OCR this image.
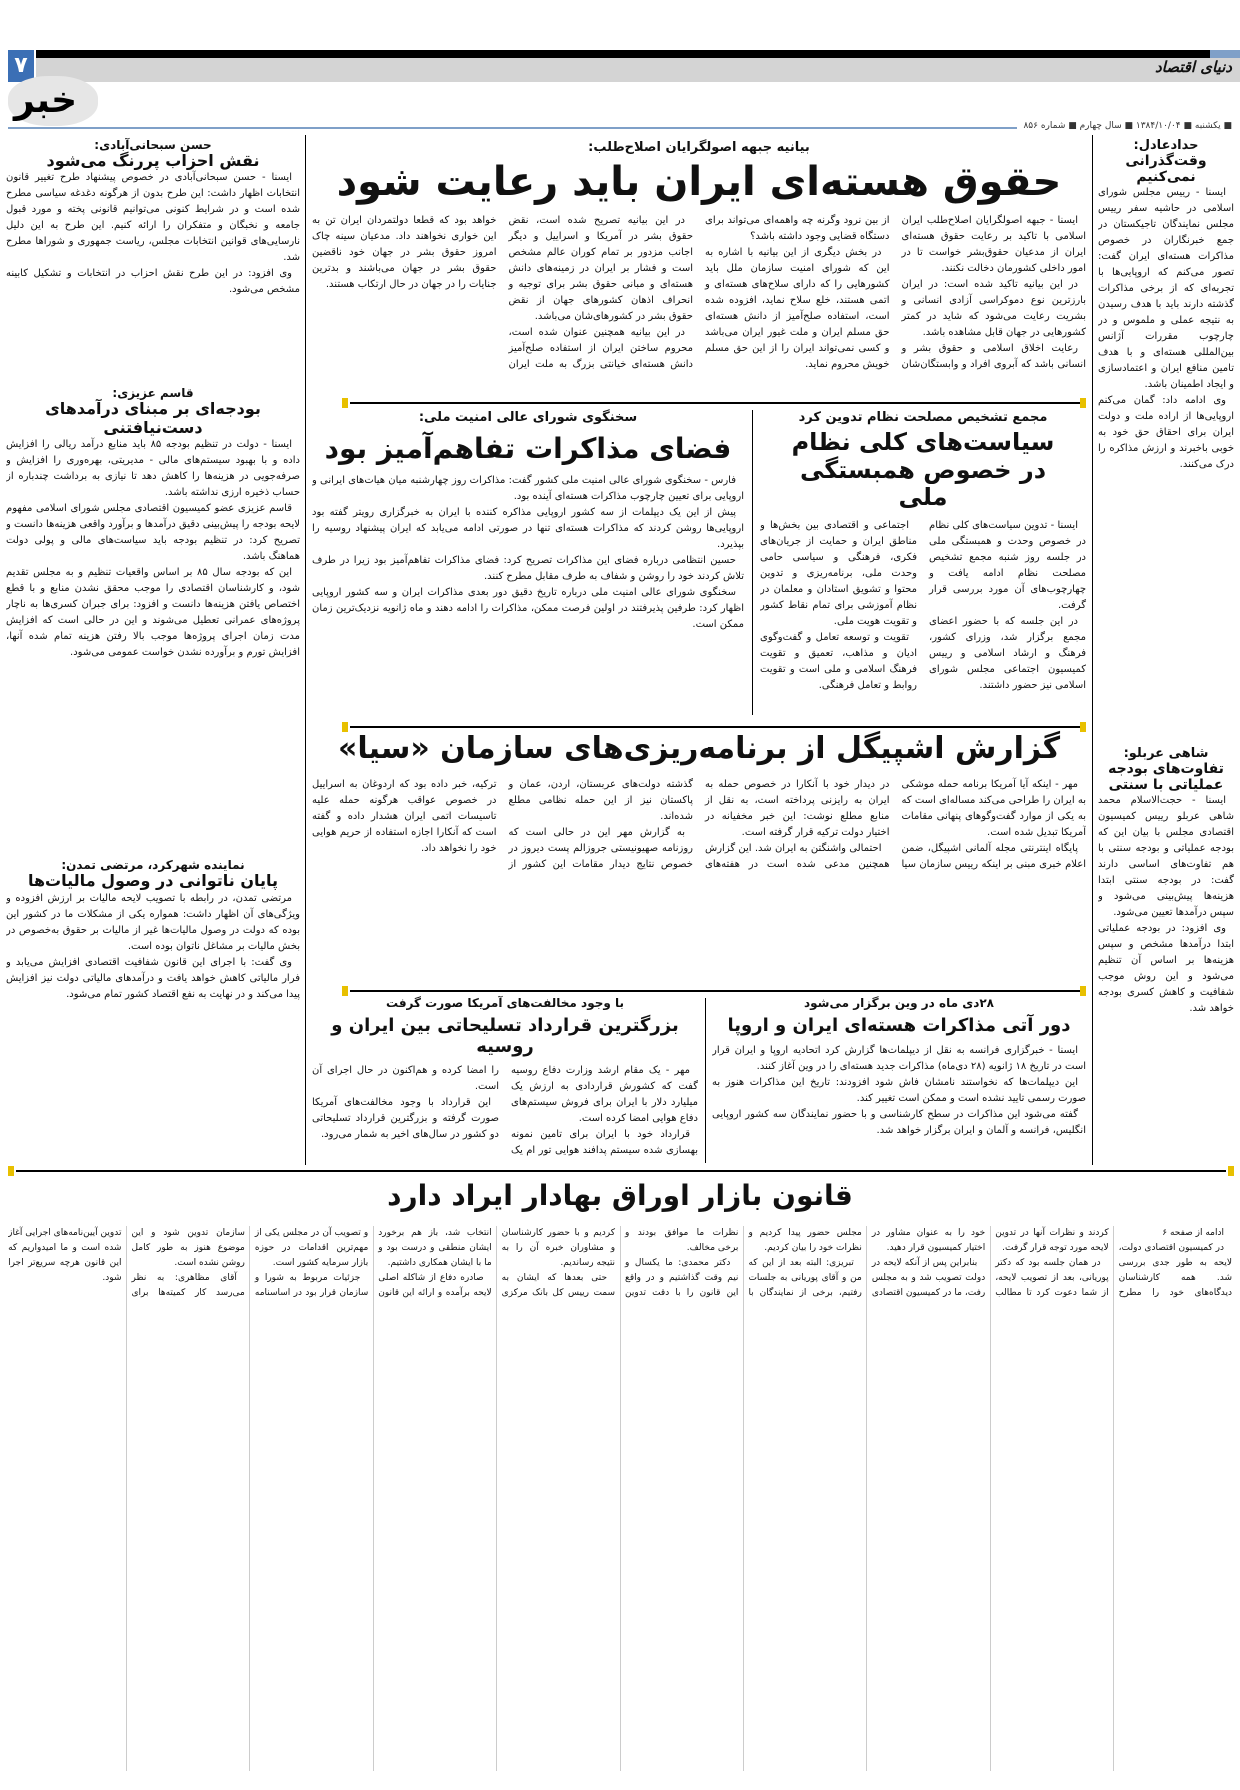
۷	دنیای اقتصاد
خبر
■ یکشنبه ■ ۱۳۸۴/۱۰/۰۴ ■ سال چهارم ■ شماره ۸۵۶
حدادعادل:
وقت‌گذرانی نمی‌کنیم

ایسنا - رییس مجلس شورای اسلامی در حاشیه سفر رییس مجلس نمایندگان تاجیکستان در جمع خبرنگاران در خصوص مذاکرات هسته‌ای ایران گفت: تصور می‌کنم که اروپایی‌ها با تجربه‌ای که از برخی مذاکرات گذشته دارند باید با هدف رسیدن به نتیجه عملی و ملموس و در چارچوب مقررات آژانس بین‌المللی هسته‌ای و با هدف تامین منافع ایران و اعتمادسازی و ایجاد اطمینان باشد.

وی ادامه داد: گمان می‌کنم اروپایی‌ها از اراده ملت و دولت ایران برای احقاق حق خود به خوبی باخبرند و ارزش مذاکره را درک می‌کنند.

شاهی عربلو:
تفاوت‌های بودجه عملیاتی با سنتی

ایسنا - حجت‌الاسلام محمد شاهی عربلو رییس کمیسیون اقتصادی مجلس با بیان این که بودجه عملیاتی و بودجه سنتی با هم تفاوت‌های اساسی دارند گفت: در بودجه سنتی ابتدا هزینه‌ها پیش‌بینی می‌شود و سپس درآمدها تعیین می‌شود.

وی افزود: در بودجه عملیاتی ابتدا درآمدها مشخص و سپس هزینه‌ها بر اساس آن تنظیم می‌شود و این روش موجب شفافیت و کاهش کسری بودجه خواهد شد.

حسن سبحانی‌آبادی:
نقش احزاب پررنگ می‌شود

ایسنا - حسن سبحانی‌آبادی در خصوص پیشنهاد طرح تغییر قانون انتخابات اظهار داشت: این طرح بدون از هرگونه دغدغه سیاسی مطرح شده است و در شرایط کنونی می‌توانیم قانونی پخته و مورد قبول جامعه و نخبگان و متفکران را ارائه کنیم. این طرح به این دلیل نارسایی‌های قوانین انتخابات مجلس، ریاست جمهوری و شوراها مطرح شد.

وی افزود: در این طرح نقش احزاب در انتخابات و تشکیل کابینه مشخص می‌شود.

قاسم عزیزی:
بودجه‌ای بر مبنای درآمدهای دست‌نیافتنی

ایسنا - دولت در تنظیم بودجه ۸۵ باید منابع درآمد ریالی را افزایش داده و با بهبود سیستم‌های مالی - مدیریتی، بهره‌وری را افزایش و صرفه‌جویی در هزینه‌ها را کاهش دهد تا نیازی به برداشت چندباره از حساب ذخیره ارزی نداشته باشد.

قاسم عزیزی عضو کمیسیون اقتصادی مجلس شورای اسلامی مفهوم لایحه بودجه را پیش‌بینی دقیق درآمدها و برآورد واقعی هزینه‌ها دانست و تصریح کرد: در تنظیم بودجه باید سیاست‌های مالی و پولی دولت هماهنگ باشد.

این که بودجه سال ۸۵ بر اساس واقعیات تنظیم و به مجلس تقدیم شود، و کارشناسان اقتصادی را موجب محقق نشدن منابع و با قطع اختصاص یافتن هزینه‌ها دانست و افزود: برای جبران کسری‌ها به ناچار پروژه‌های عمرانی تعطیل می‌شوند و این در حالی است که افزایش مدت زمان اجرای پروژه‌ها موجب بالا رفتن هزینه تمام شده آنها، افزایش تورم و برآورده نشدن خواست عمومی می‌شود.

نماینده شهرکرد، مرتضی تمدن:
پایان ناتوانی در وصول مالیات‌ها

مرتضی تمدن، در رابطه با تصویب لایحه مالیات بر ارزش افزوده و ویژگی‌های آن اظهار داشت: همواره یکی از مشکلات ما در کشور این بوده که دولت در وصول مالیات‌ها غیر از مالیات بر حقوق به‌خصوص در بخش مالیات بر مشاغل ناتوان بوده است.

وی گفت: با اجرای این قانون شفافیت اقتصادی افزایش می‌یابد و فرار مالیاتی کاهش خواهد یافت و درآمدهای مالیاتی دولت نیز افزایش پیدا می‌کند و در نهایت به نفع اقتصاد کشور تمام می‌شود.

بیانیه جبهه اصولگرایان اصلاح‌طلب:
حقوق هسته‌ای ایران باید رعایت شود

ایسنا - جبهه اصولگرایان اصلاح‌طلب ایران اسلامی با تاکید بر رعایت حقوق هسته‌ای ایران از مدعیان حقوق‌بشر خواست تا در امور داخلی کشورمان دخالت نکنند.

در این بیانیه تاکید شده است: در ایران بارزترین نوع دموکراسی آزادی انسانی و بشریت رعایت می‌شود که شاید در کمتر کشورهایی در جهان قابل مشاهده باشد.

رعایت اخلاق اسلامی و حقوق بشر و انسانی باشد که آبروی افراد و وابستگان‌شان از بین نرود وگرنه چه واهمه‌ای می‌تواند برای دستگاه قضایی وجود داشته باشد؟

در بخش دیگری از این بیانیه با اشاره به این که شورای امنیت سازمان ملل باید کشورهایی را که دارای سلاح‌های هسته‌ای و اتمی هستند، خلع سلاح نماید، افزوده شده است، استفاده صلح‌آمیز از دانش هسته‌ای حق مسلم ایران و ملت غیور ایران می‌باشد و کسی نمی‌تواند ایران را از این حق مسلم خویش محروم نماید.

در این بیانیه تصریح شده است، نقض حقوق بشر در آمریکا و اسراییل و دیگر اجانب مزدور بر تمام کوران عالم مشخص است و فشار بر ایران در زمینه‌های دانش هسته‌ای و مبانی حقوق بشر برای توجیه و انحراف اذهان کشورهای جهان از نقض حقوق بشر در کشورهای‌شان می‌باشد.

در این بیانیه همچنین عنوان شده است، محروم ساختن ایران از استفاده صلح‌آمیز دانش هسته‌ای خیانتی بزرگ به ملت ایران خواهد بود که قطعا دولتمردان ایران تن به این خواری نخواهند داد. مدعیان سینه چاک امروز حقوق بشر در جهان خود ناقضین حقوق بشر در جهان می‌باشند و بدترین جنایات را در جهان در حال ارتکاب هستند.

مجمع تشخیص مصلحت نظام تدوین کرد
سیاست‌های کلی نظام در خصوص همبستگی ملی

ایسنا - تدوین سیاست‌های کلی نظام در خصوص وحدت و همبستگی ملی در جلسه روز شنبه مجمع تشخیص مصلحت نظام ادامه یافت و چهارچوب‌های آن مورد بررسی قرار گرفت.

در این جلسه که با حضور اعضای مجمع برگزار شد، وزرای کشور، فرهنگ و ارشاد اسلامی و رییس کمیسیون اجتماعی مجلس شورای اسلامی نیز حضور داشتند.

اجتماعی و اقتصادی بین بخش‌ها و مناطق ایران و حمایت از جریان‌های فکری، فرهنگی و سیاسی حامی وحدت ملی، برنامه‌ریزی و تدوین محتوا و تشویق استادان و معلمان در نظام آموزشی برای تمام نقاط کشور و تقویت هویت ملی.

تقویت و توسعه تعامل و گفت‌وگوی ادیان و مذاهب، تعمیق و تقویت فرهنگ اسلامی و ملی است و تقویت روابط و تعامل فرهنگی.

سخنگوی شورای عالی امنیت ملی:
فضای مذاکرات تفاهم‌آمیز بود

فارس - سخنگوی شورای عالی امنیت ملی کشور گفت: مذاکرات روز چهارشنبه میان هیات‌های ایرانی و اروپایی برای تعیین چارچوب مذاکرات هسته‌ای آینده بود.

پیش از این یک دیپلمات از سه کشور اروپایی مذاکره کننده با ایران به خبرگزاری رویتر گفته بود اروپایی‌ها روشن کردند که مذاکرات هسته‌ای تنها در صورتی ادامه می‌یابد که ایران پیشنهاد روسیه را بپذیرد.

حسین انتظامی درباره فضای این مذاکرات تصریح کرد: فضای مذاکرات تفاهم‌آمیز بود زیرا در طرف تلاش کردند خود را روشن و شفاف به طرف مقابل مطرح کنند.

سخنگوی شورای عالی امنیت ملی درباره تاریخ دقیق دور بعدی مذاکرات ایران و سه کشور اروپایی اظهار کرد: طرفین پذیرفتند در اولین فرصت ممکن، مذاکرات را ادامه دهند و ماه ژانویه نزدیک‌ترین زمان ممکن است.

گزارش اشپیگل از برنامه‌ریزی‌های سازمان «سیا»

مهر - اینکه آیا آمریکا برنامه حمله موشکی به ایران را طراحی می‌کند مساله‌ای است که به یکی از موارد گفت‌وگوهای پنهانی مقامات آمریکا تبدیل شده است.

پایگاه اینترنتی مجله آلمانی اشپیگل، ضمن اعلام خبری مبنی بر اینکه رییس سازمان سیا در دیدار خود با آنکارا در خصوص حمله به ایران به رایزنی پرداخته است، به نقل از منابع مطلع نوشت: این خبر مخفیانه در اختیار دولت ترکیه قرار گرفته است.

احتمالی واشنگتن به ایران شد. این گزارش همچنین مدعی شده است در هفته‌های گذشته دولت‌های عربستان، اردن، عمان و پاکستان نیز از این حمله نظامی مطلع شده‌اند.

به گزارش مهر این در حالی است که روزنامه صهیونیستی جروزالم پست دیروز در خصوص نتایج دیدار مقامات این کشور از ترکیه، خبر داده بود که اردوغان به اسراییل در خصوص عواقب هرگونه حمله علیه تاسیسات اتمی ایران هشدار داده و گفته است که آنکارا اجازه استفاده از حریم هوایی خود را نخواهد داد.

۲۸دی ماه در وین برگزار می‌شود
دور آتی مذاکرات هسته‌ای ایران و اروپا

ایسنا - خبرگزاری فرانسه به نقل از دیپلمات‌ها گزارش کرد اتحادیه اروپا و ایران قرار است در تاریخ ۱۸ ژانویه (۲۸ دی‌ماه) مذاکرات جدید هسته‌ای را در وین آغاز کنند.

این دیپلمات‌ها که نخواستند نامشان فاش شود افزودند: تاریخ این مذاکرات هنوز به صورت رسمی تایید نشده است و ممکن است تغییر کند.

گفته می‌شود این مذاکرات در سطح کارشناسی و با حضور نمایندگان سه کشور اروپایی انگلیس، فرانسه و آلمان و ایران برگزار خواهد شد.

با وجود مخالفت‌های آمریکا صورت گرفت
بزرگترین قرارداد تسلیحاتی بین ایران و روسیه

مهر - یک مقام ارشد وزارت دفاع روسیه گفت که کشورش قراردادی به ارزش یک میلیارد دلار با ایران برای فروش سیستم‌های دفاع هوایی امضا کرده است.

قرارداد خود با ایران برای تامین نمونه بهسازی شده سیستم پدافند هوایی تور ام یک را امضا کرده و هم‌اکنون در حال اجرای آن است.

این قرارداد با وجود مخالفت‌های آمریکا صورت گرفته و بزرگترین قرارداد تسلیحاتی دو کشور در سال‌های اخیر به شمار می‌رود.

قانون بازار اوراق بهادار ایراد دارد

ادامه از صفحه ۶

در کمیسیون اقتصادی دولت، لایحه به طور جدی بررسی شد. همه کارشناسان دیدگاه‌های خود را مطرح کردند و نظرات آنها در تدوین لایحه مورد توجه قرار گرفت.

در همان جلسه بود که دکتر پوریانی، بعد از تصویب لایحه، از شما دعوت کرد تا مطالب خود را به عنوان مشاور در اختیار کمیسیون قرار دهید.

بنابراین پس از آنکه لایحه در دولت تصویب شد و به مجلس رفت، ما در کمیسیون اقتصادی مجلس حضور پیدا کردیم و نظرات خود را بیان کردیم.

تبریزی: البته بعد از این که من و آقای پوریانی به جلسات رفتیم، برخی از نمایندگان با نظرات ما موافق بودند و برخی مخالف.

دکتر محمدی: ما یکسال و نیم وقت گذاشتیم و در واقع این قانون را با دقت تدوین کردیم و با حضور کارشناسان و مشاوران خبره آن را به نتیجه رساندیم.

حتی بعدها که ایشان به سمت رییس کل بانک مرکزی انتخاب شد، باز هم برخورد ایشان منطقی و درست بود و ما با ایشان همکاری داشتیم.

صادره دفاع از شاکله اصلی لایحه برآمده و ارائه این قانون و تصویب آن در مجلس یکی از مهم‌ترین اقدامات در حوزه بازار سرمایه کشور است.

جزئیات مربوط به شورا و سازمان قرار بود در اساسنامه سازمان تدوین شود و این موضوع هنوز به طور کامل روشن نشده است.

آقای مظاهری: به نظر می‌رسد کار کمیته‌ها برای تدوین آیین‌نامه‌های اجرایی آغاز شده است و ما امیدواریم که این قانون هرچه سریع‌تر اجرا شود.
